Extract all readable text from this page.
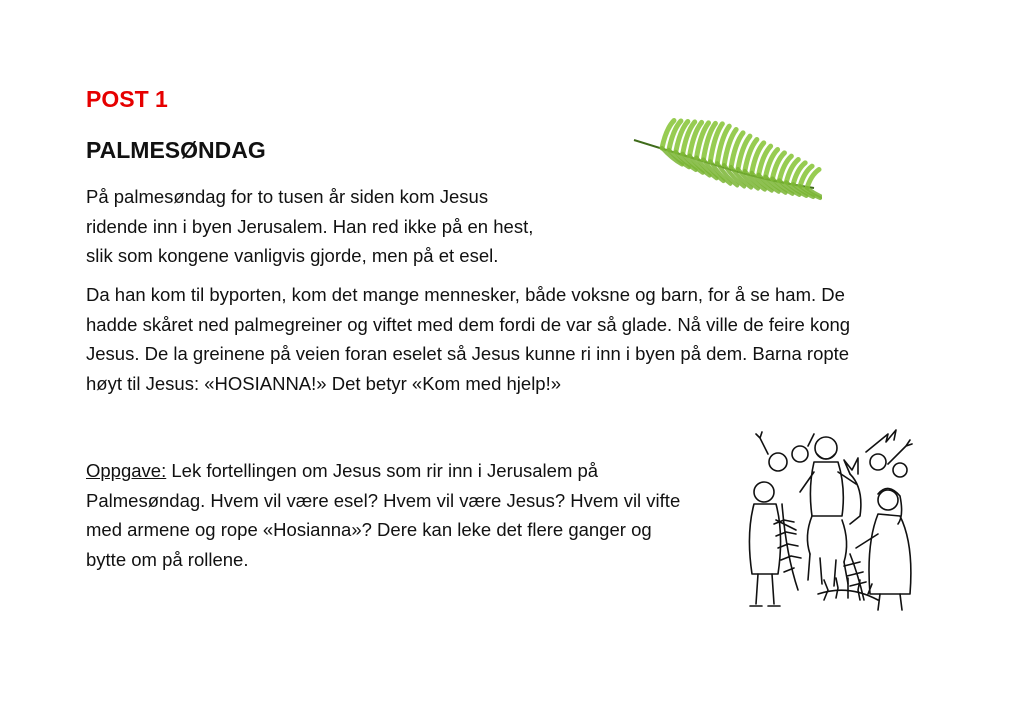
POST 1
PALMESØNDAG

På palmesøndag for to tusen år siden kom Jesus
ridende inn i byen Jerusalem. Han red ikke på en hest,
slik som kongene vanligvis gjorde, men på et esel.

Da han kom til byporten, kom det mange mennesker, både voksne og barn, for å se ham. De
hadde skåret ned palmegreiner og viftet med dem fordi de var så glade. Nå ville de feire kong
Jesus. De la greinene på veien foran eselet så Jesus kunne ri inn i byen på dem. Barna ropte
høyt til Jesus: «HOSIANNA!» Det betyr «Kom med hjelp!»

Oppgave: Lek fortellingen om Jesus som rir inn i Jerusalem på
Palmesøndag. Hvem vil være esel? Hvem vil være Jesus? Hvem vil vifte
med armene og rope «Hosianna»? Dere kan leke det flere ganger og
bytte om på rollene.
